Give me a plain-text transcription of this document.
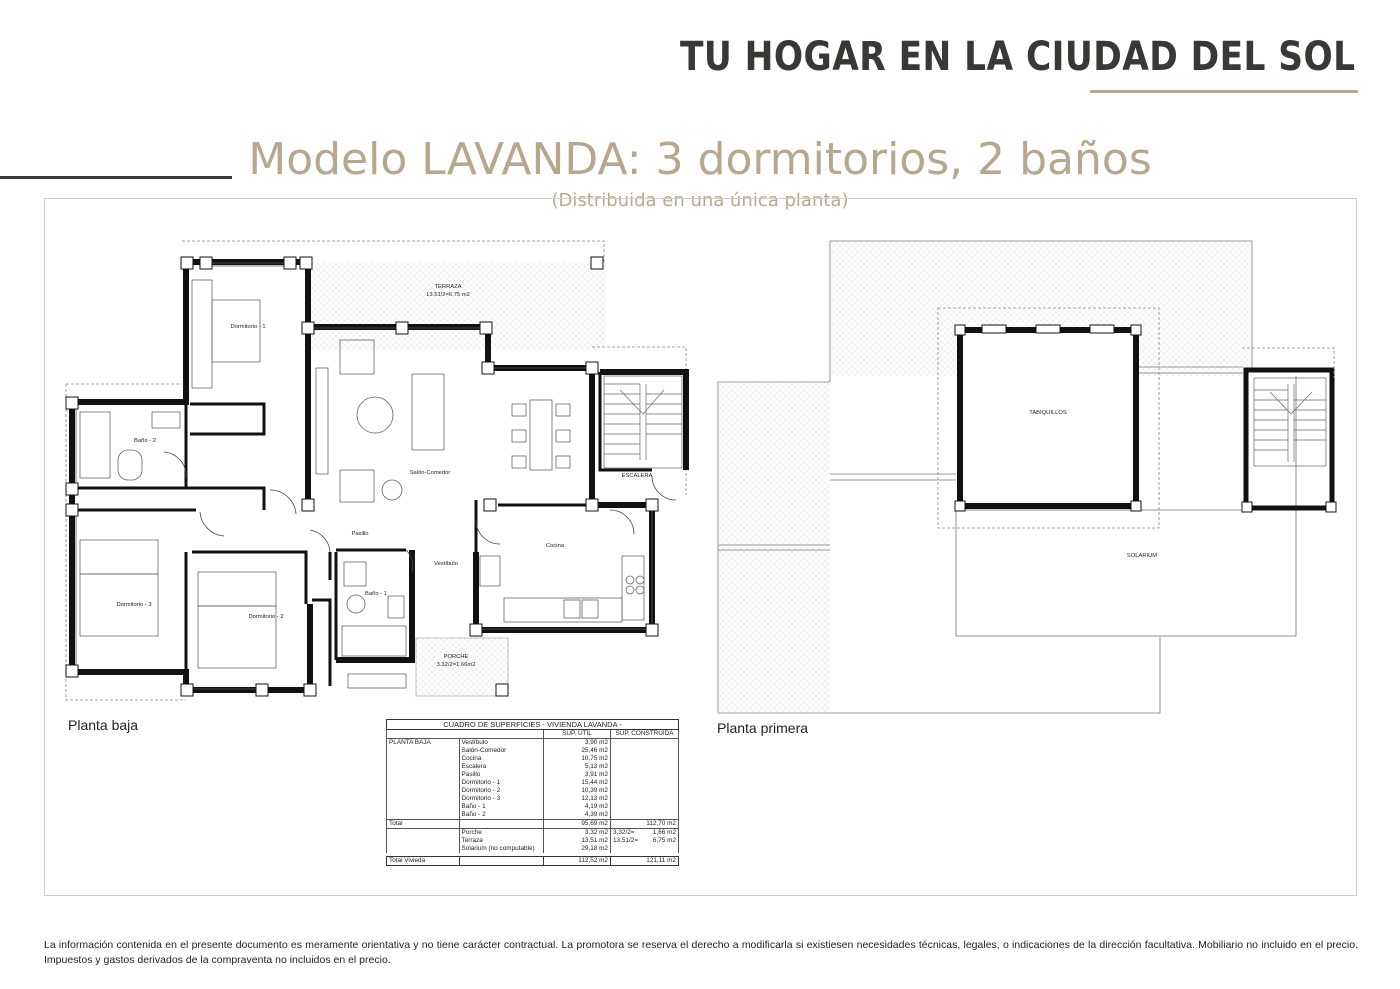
TU HOGAR EN LA CIUDAD DEL SOL
Modelo LAVANDA: 3 dormitorios, 2 baños
(Distribuida en una única planta)
TERRAZA
13.51/2=6.75 m2
Dormitorio - 1
Baño - 2
Salón-Comedor	ESCALERA
Pasillo
Vestíbulo
Cocina
Dormitorio - 3
Dormitorio - 2
Baño - 1
PORCHE
3.32/2=1.66m2
TABIQUILLOS
SOLARIUM
Planta baja	Planta primera
CUADRO DE SUPERFICIES - VIVIENDA LAVANDA -				
		SUP. UTIL	SUP. CONSTRUIDA	
PLANTA BAJA	Vestíbulo	3,90 m2		
	Salón-Comedor	25,46 m2		
	Cocina	10,75 m2		
	Escalera	5,13 m2		
	Pasillo	3,91 m2		
	Dormitorio - 1	15,44 m2		
	Dormitorio - 2	10,39 m2		
	Dormitorio - 3	12,13 m2		
	Baño - 1	4,19 m2		
	Baño - 2	4,39 m2		
Total		95,69 m2	112,70 m2	
	Porche	3,32 m2	3,32/2=	1,66 m2
	Terraza	13,51 m2	13,51/2=	6,75 m2
	Solarium (no computable)	29,18 m2		

Total Vivieda		112,52 m2	121,11 m2	
La información contenida en el presente documento es meramente orientativa y no tiene carácter contractual. La promotora se reserva el derecho a modificarla si existiesen necesidades técnicas, legales, o indicaciones de la dirección facultativa. Mobiliario no incluido en el precio. Impuestos y gastos derivados de la compraventa no incluidos en el precio.
